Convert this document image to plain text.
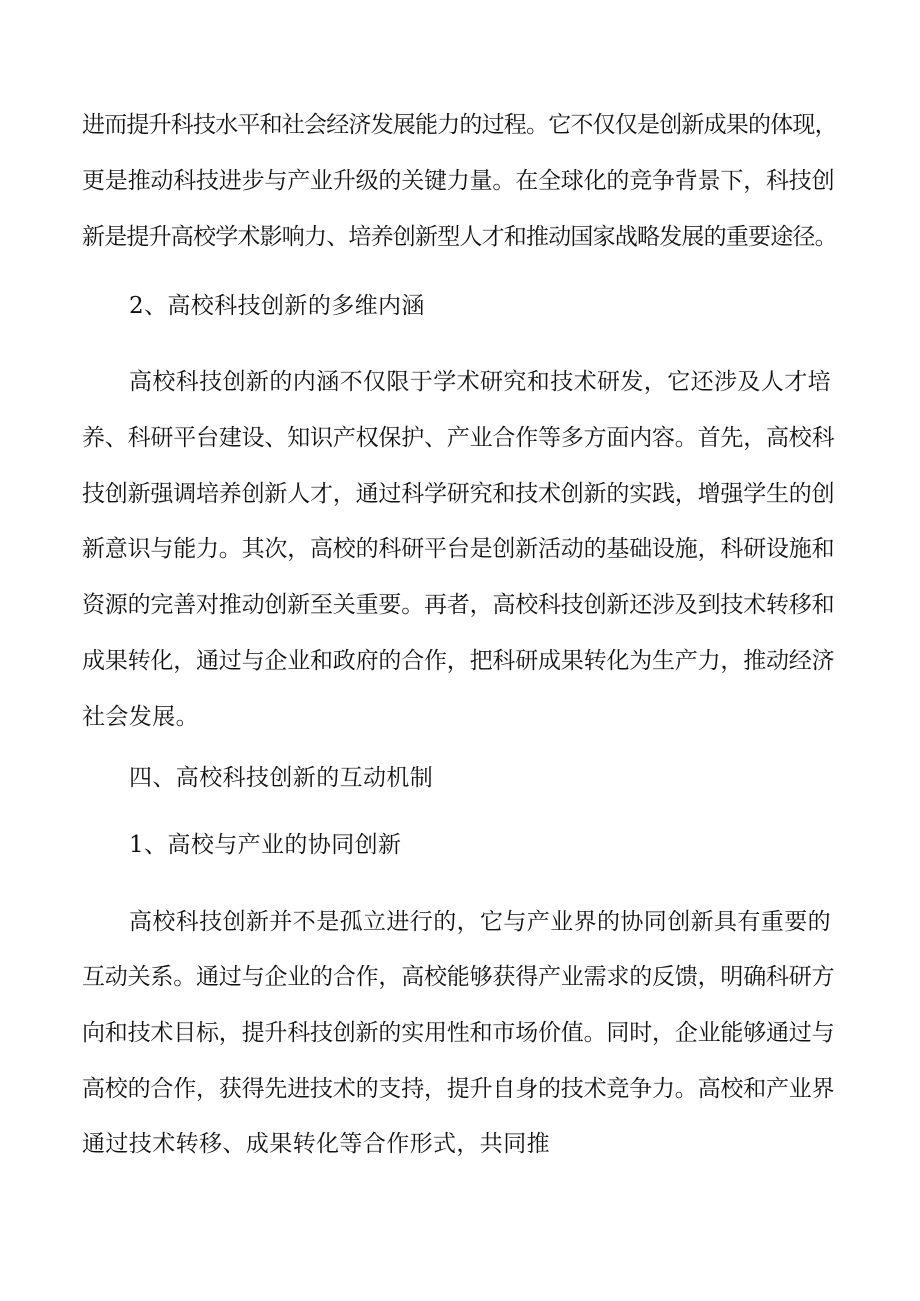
进而提升科技水平和社会经济发展能力的过程。它不仅仅是创新成果的体现，
更是推动科技进步与产业升级的关键力量。在全球化的竞争背景下，科技创
新是提升高校学术影响力、培养创新型人才和推动国家战略发展的重要途径。
2、高校科技创新的多维内涵
高校科技创新的内涵不仅限于学术研究和技术研发，它还涉及人才培
养、科研平台建设、知识产权保护、产业合作等多方面内容。首先，高校科
技创新强调培养创新人才，通过科学研究和技术创新的实践，增强学生的创
新意识与能力。其次，高校的科研平台是创新活动的基础设施，科研设施和
资源的完善对推动创新至关重要。再者，高校科技创新还涉及到技术转移和
成果转化，通过与企业和政府的合作，把科研成果转化为生产力，推动经济
社会发展。
四、高校科技创新的互动机制
1、高校与产业的协同创新
高校科技创新并不是孤立进行的，它与产业界的协同创新具有重要的
互动关系。通过与企业的合作，高校能够获得产业需求的反馈，明确科研方
向和技术目标，提升科技创新的实用性和市场价值。同时，企业能够通过与
高校的合作，获得先进技术的支持，提升自身的技术竞争力。高校和产业界
通过技术转移、成果转化等合作形式，共同推
